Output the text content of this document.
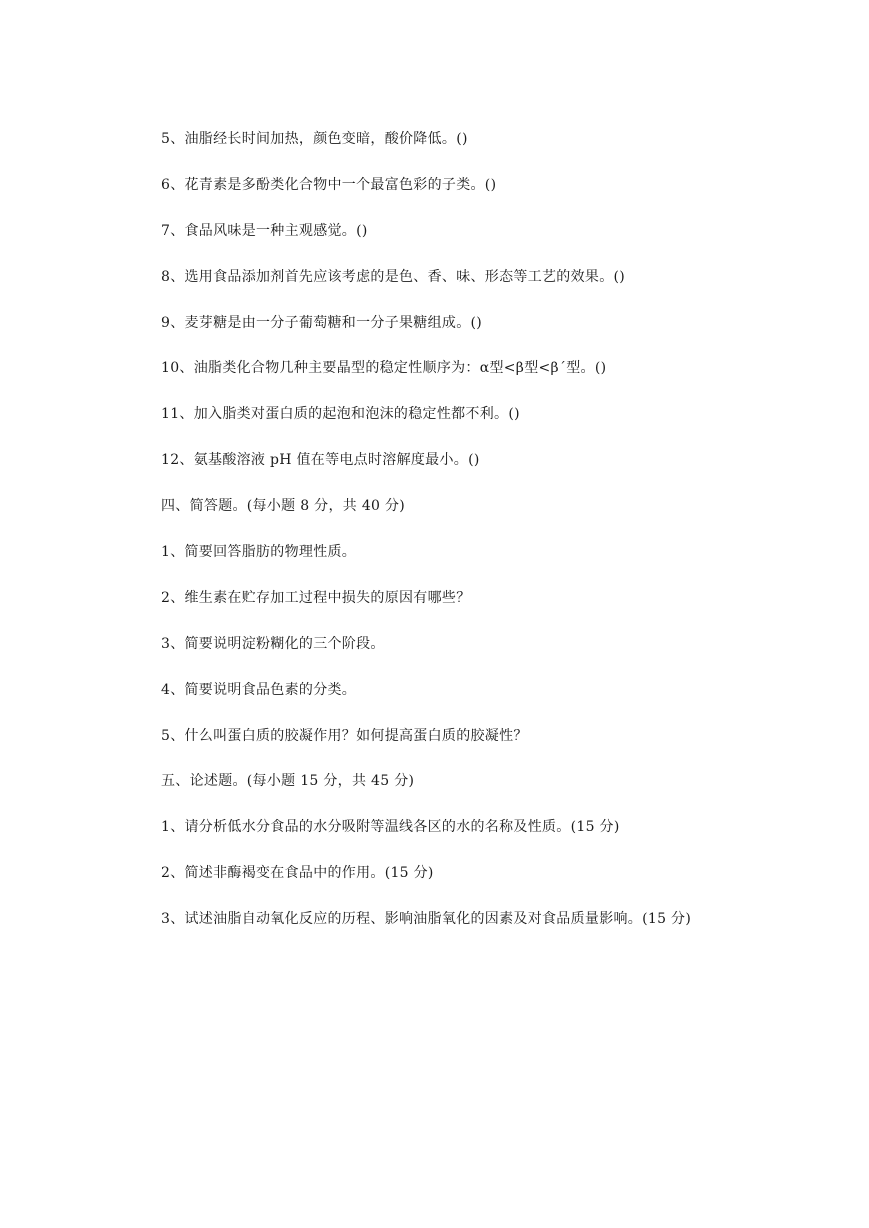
5、油脂经长时间加热，颜色变暗，酸价降低。()
6、花青素是多酚类化合物中一个最富色彩的子类。()
7、食品风味是一种主观感觉。()
8、选用食品添加剂首先应该考虑的是色、香、味、形态等工艺的效果。()
9、麦芽糖是由一分子葡萄糖和一分子果糖组成。()
10、油脂类化合物几种主要晶型的稳定性顺序为：α型<β型<β´型。()
11、加入脂类对蛋白质的起泡和泡沫的稳定性都不利。()
12、氨基酸溶液 pH 值在等电点时溶解度最小。()
四、简答题。(每小题 8 分，共 40 分)
1、简要回答脂肪的物理性质。
2、维生素在贮存加工过程中损失的原因有哪些？
3、简要说明淀粉糊化的三个阶段。
4、简要说明食品色素的分类。
5、什么叫蛋白质的胶凝作用？如何提高蛋白质的胶凝性？
五、论述题。(每小题 15 分，共 45 分)
1、请分析低水分食品的水分吸附等温线各区的水的名称及性质。(15 分)
2、简述非酶褐变在食品中的作用。(15 分)
3、试述油脂自动氧化反应的历程、影响油脂氧化的因素及对食品质量影响。(15 分)
